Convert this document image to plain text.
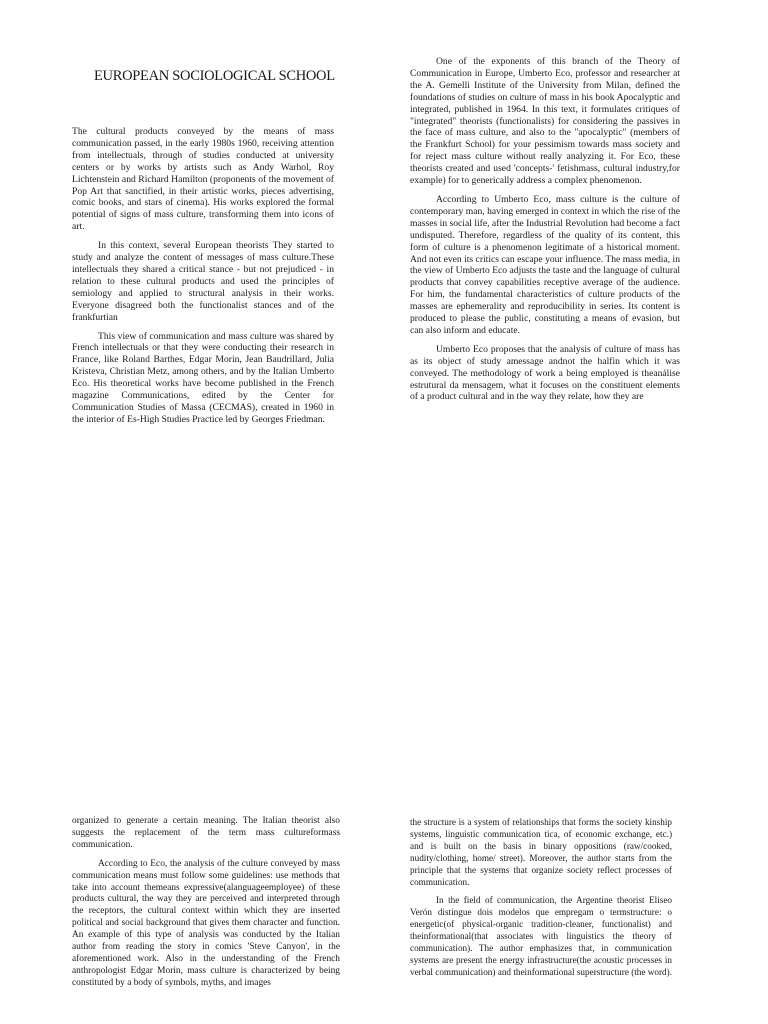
EUROPEAN SOCIOLOGICAL SCHOOL

The cultural products conveyed by the means of mass communication passed, in the early 1980s 1960, receiving attention from intellectuals, through of studies conducted at university centers or by works by artists such as Andy Warhol, Roy Lichtenstein and Richard Hamilton (proponents of the movement of Pop Art that sanctified, in their artistic works, pieces advertising, comic books, and stars of cinema). His works explored the formal potential of signs of mass culture, transforming them into icons of art.

In this context, several European theorists They started to study and analyze the content of messages of mass culture.These intellectuals they shared a critical stance - but not prejudiced - in relation to these cultural products and used the principles of semiology and applied to structural analysis in their works. Everyone disagreed both the functionalist stances and of the frankfurtian

This view of communication and mass culture was shared by French intellectuals or that they were conducting their research in France, like Roland Barthes, Edgar Morin, Jean Baudrillard, Julia Kristeva, Christian Metz, among others, and by the Italian Umberto Eco. His theoretical works have become published in the French magazine Communications, edited by the Center for Communication Studies of Massa (CECMAS), created in 1960 in the interior of Es-High Studies Practice led by Georges Friedman.

One of the exponents of this branch of the Theory of Communication in Europe, Umberto Eco, professor and researcher at the A. Gemelli Institute of the University from Milan, defined the foundations of studies on culture of mass in his book Apocalyptic and integrated, published in 1964. In this text, it formulates critiques of "integrated" theorists (functionalists) for considering the passives in the face of mass culture, and also to the "apocalyptic" (members of the Frankfurt School) for your pessimism towards mass society and for reject mass culture without really analyzing it. For Eco, these theorists created and used 'concepts-' fetishmass, cultural industry,for example) for to generically address a complex phenomenon.

According to Umberto Eco, mass culture is the culture of contemporary man, having emerged in context in which the rise of the masses in social life, after the Industrial Revolution had become a fact undisputed. Therefore, regardless of the quality of its content, this form of culture is a phenomenon legitimate of a historical moment. And not even its critics can escape your influence. The mass media, in the view of Umberto Eco adjusts the taste and the language of cultural products that convey capabilities receptive average of the audience. For him, the fundamental characteristics of culture products of the masses are ephemerality and reproducibility in series. Its content is produced to please the public, constituting a means of evasion, but can also inform and educate.

Umberto Eco proposes that the analysis of culture of mass has as its object of study amessage andnot the halfin which it was conveyed. The methodology of work a being employed is theanálise estrutural da mensagem, what it focuses on the constituent elements of a product cultural and in the way they relate, how they are

organized to generate a certain meaning. The Italian theorist also suggests the replacement of the term mass cultureformass communication.

According to Eco, the analysis of the culture conveyed by mass communication means must follow some guidelines: use methods that take into account themeans expressive(alanguageemployee) of these products cultural, the way they are perceived and interpreted through the receptors, the cultural context within which they are inserted political and social background that gives them character and function. An example of this type of analysis was conducted by the Italian author from reading the story in comics 'Steve Canyon', in the aforementioned work. Also in the understanding of the French anthropologist Edgar Morin, mass culture is characterized by being constituted by a body of symbols, myths, and images

the structure is a system of relationships that forms the society kinship systems, linguistic communication tica, of economic exchange, etc.) and is built on the basis in binary oppositions (raw/cooked, nudity/clothing, home/ street). Moreover, the author starts from the principle that the systems that organize society reflect processes of communication.

In the field of communication, the Argentine theorist Eliseo Verón distingue dois modelos que empregam o termstructure: o energetic(of physical-organic tradition-cleaner, functionalist) and theinformational(that associates with linguistics the theory of communication). The author emphasizes that, in communication systems are present the energy infrastructure(the acoustic processes in verbal communication) and theinformational superstructure (the word).
